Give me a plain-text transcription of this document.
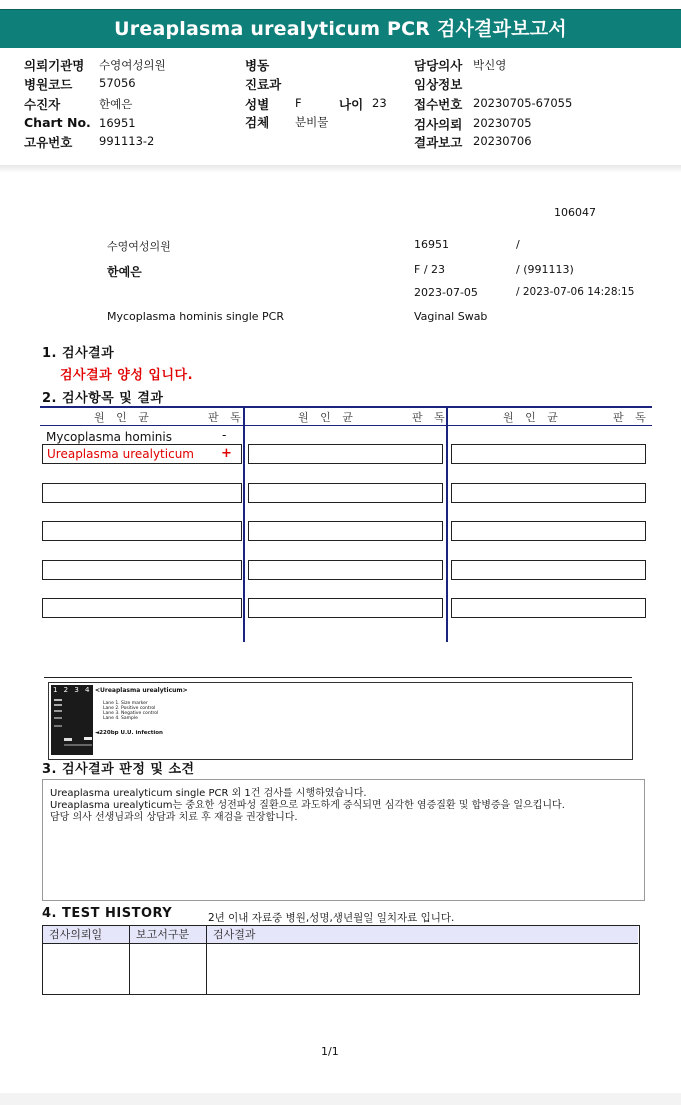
Ureaplasma urealyticum PCR 검사결과보고서
의뢰기관명 수영여성의원
병원코드 57056
수진자	한예은
Chart No. 16951
고유번호 991113-2
병동
진료과
성별 F	나이 23
검체 분비물
담당의사 박신영
임상정보
접수번호 20230705-67055
검사의뢰 20230705
결과보고 20230706
106047
수영여성의원	16951	/
한예은	F / 23	/ (991113)
2023-07-05	/ 2023-07-06 14:28:15
Mycoplasma hominis single PCR	Vaginal Swab
1. 검사결과
검사결과 양성 입니다.
2. 검사항목 및 결과
원 인 균	판 독	원 인 균	판 독	원 인 균	판 독
Mycoplasma hominis	-
Ureaplasma urealyticum +
1 2 3 4 <Ureaplasma urealyticum>
Lane 1. Size marker
Lane 2. Positive control
Lane 3. Negative control
Lane 4. Sample
◄220bp U.U. infection
3. 검사결과 판정 및 소견
Ureaplasma urealyticum single PCR 외 1건 검사를 시행하였습니다.
Ureaplasma urealyticum는 중요한 성전파성 질환으로 과도하게 증식되면 심각한 염증질환 및 합병증을 일으킵니다.
담당 의사 선생님과의 상담과 치료 후 재검을 권장합니다.
4. TEST HISTORY	2년 이내 자료중 병원,성명,생년월일 일치자료 입니다.
검사의뢰일	보고서구분	검사결과
1/1
